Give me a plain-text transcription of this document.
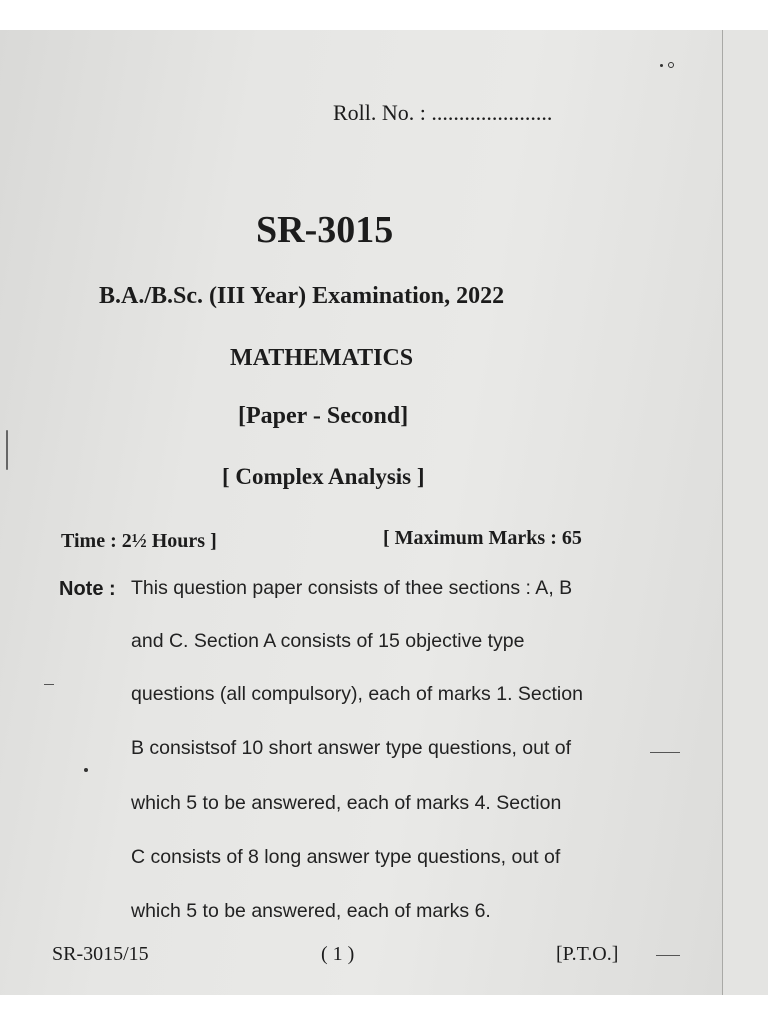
Roll. No. : ......................
SR-3015
B.A./B.Sc. (III Year) Examination, 2022
MATHEMATICS
[Paper - Second]
[ Complex Analysis ]
Time : 2½ Hours ]	[ Maximum Marks : 65
Note : This question paper consists of thee sections : A, B
and C. Section A consists of 15 objective type
questions (all compulsory), each of marks 1. Section
B consistsof 10 short answer type questions, out of
which 5 to be answered, each of marks 4. Section
C consists of 8 long answer type questions, out of
which 5 to be answered, each of marks 6.
SR-3015/15	( 1 )	[P.T.O.]
